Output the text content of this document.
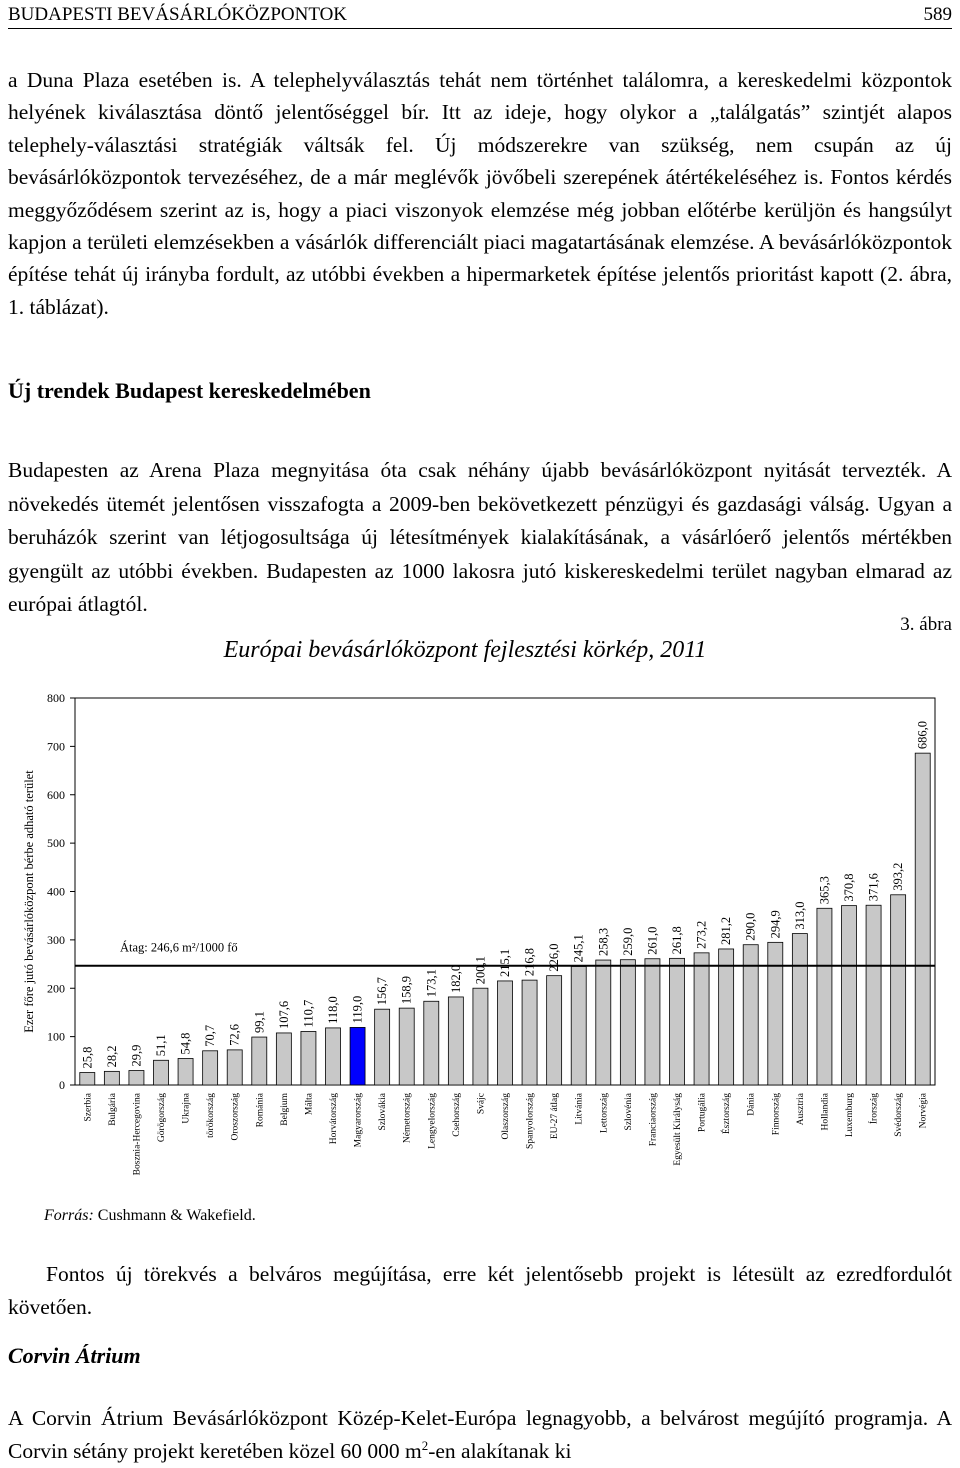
BUDAPESTI BEVÁSÁRLÓKÖZPONTOK	589

a Duna Plaza esetében is. A telephelyválasztás tehát nem történhet találomra, a kereskedelmi központok helyének kiválasztása döntő jelentőséggel bír. Itt az ideje, hogy olykor a „találgatás” szintjét alapos telephely-választási stratégiák váltsák fel. Új módszerekre van szükség, nem csupán az új bevásárlóközpontok tervezéséhez, de a már meglévők jövőbeli szerepének átértékeléséhez is. Fontos kérdés meggyőződésem szerint az is, hogy a piaci viszonyok elemzése még jobban előtérbe kerüljön és hangsúlyt kapjon a területi elemzésekben a vásárlók differenciált piaci magatartásának elemzése. A bevásárlóközpontok építése tehát új irányba fordult, az utóbbi években a hipermarketek építése jelentős prioritást kapott (2. ábra, 1. táblázat).

Új trendek Budapest kereskedelmében

Budapesten az Arena Plaza megnyitása óta csak néhány újabb bevásárlóközpont nyitását tervezték. A növekedés ütemét jelentősen visszafogta a 2009-ben bekövetkezett pénzügyi és gazdasági válság. Ugyan a beruházók szerint van létjogosultsága új létesítmények kialakításának, a vásárlóerő jelentős mértékben gyengült az utóbbi években. Budapesten az 1000 lakosra jutó kiskereskedelmi terület nagyban elmarad az európai átlagtól.

3. ábra
Európai bevásárlóközpont fejlesztési körkép, 2011
0
100
200
300
400
500
600
700
800
Ezer főre jutó bevásárlóközpont bérbe adható terület
25,8
Szerbia
28,2
Bulgária
29,9
Bosznia-Hercegovina
51,1
Görögország
54,8
Ukrajna
70,7
törökország
72,6
Oroszország
99,1
Románia
107,6
Belgium
110,7
Málta
118,0
Horvátország
119,0
Magyarország
156,7
Szlovákia
158,9
Németország
173,1
Lengyelország
182,0
Csehország
200,1
Svájc
215,1
Olaszország
216,8
Spanyolország
226,0
EU-27 átlag
245,1
Litvánia
258,3
Lettország
259,0
Szlovénia
261,0
Franciaország
261,8
Egyesült Királyság
273,2
Portugália
281,2
Észtország
290,0
Dánia
294,9
Finnország
313,0
Ausztria
365,3
Hollandia
370,8
Luxemburg
371,6
Írország
393,2
Svédország
686,0
Norvégia
Átag: 246,6 m²/1000 fő
Forrás: Cushmann & Wakefield.

Fontos új törekvés a belváros megújítása, erre két jelentősebb projekt is létesült az ezredfordulót követően.

Corvin Átrium

A Corvin Átrium Bevásárlóközpont Közép-Kelet-Európa legnagyobb, a belvárost megújító programja. A Corvin sétány projekt keretében közel 60 000 $m^2-en$ alakítanak ki
